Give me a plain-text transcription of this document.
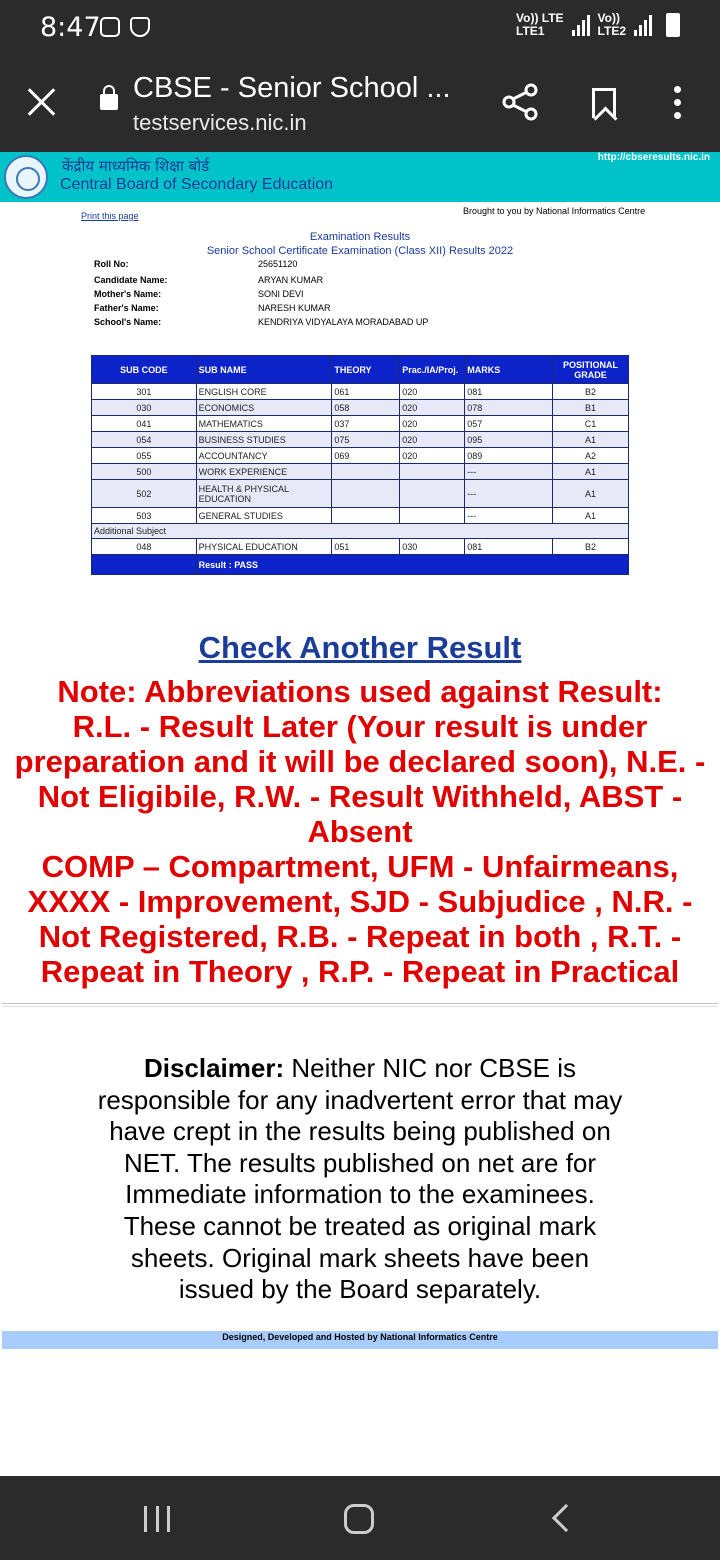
8:47	Vo)) LTE
LTE1
Vo))
LTE2
CBSE - Senior School ...
testservices.nic.in
केंद्रीय माध्यमिक शिक्षा बोर्ड
Central Board of Secondary Education
http://cbseresults.nic.in
Print this page	Brought to you by National Informatics Centre
Examination Results
Senior School Certificate Examination (Class XII) Results 2022
Roll No:	25651120
Candidate Name:	ARYAN KUMAR
Mother's Name:	SONI DEVI
Father's Name:	NARESH KUMAR
School's Name:	KENDRIYA VIDYALAYA MORADABAD UP
SUB CODE	SUB NAME	THEORY	Prac./IA/Proj.	MARKS	POSITIONAL GRADE
301	ENGLISH CORE	061	020	081	B2
030	ECONOMICS	058	020	078	B1
041	MATHEMATICS	037	020	057	C1
054	BUSINESS STUDIES	075	020	095	A1
055	ACCOUNTANCY	069	020	089	A2
500	WORK EXPERIENCE			---	A1
502	HEALTH & PHYSICAL EDUCATION			---	A1
503	GENERAL STUDIES			---	A1
Additional Subject					
048	PHYSICAL EDUCATION	051	030	081	B2
	Result : PASS				
Check Another Result
Note: Abbreviations used against Result:
R.L. - Result Later (Your result is under
preparation and it will be declared soon), N.E. -
Not Eligibile, R.W. - Result Withheld, ABST -
Absent
COMP – Compartment, UFM - Unfairmeans,
XXXX - Improvement, SJD - Subjudice , N.R. -
Not Registered, R.B. - Repeat in both , R.T. -
Repeat in Theory , R.P. - Repeat in Practical
Disclaimer: Neither NIC nor CBSE is responsible for any inadvertent error that may have crept in the results being published on NET. The results published on net are for Immediate information to the examinees. These cannot be treated as original mark sheets. Original mark sheets have been issued by the Board separately.
Designed, Developed and Hosted by National Informatics Centre
